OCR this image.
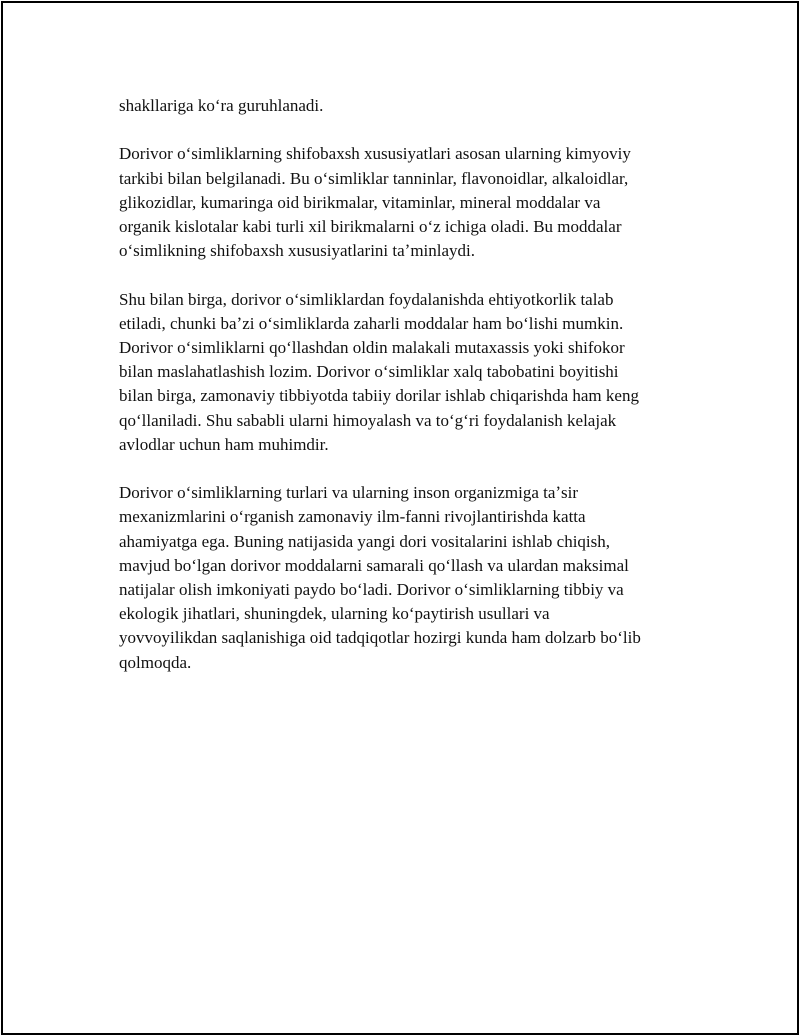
shakllariga koʻra guruhlanadi.

Dorivor oʻsimliklarning shifobaxsh xususiyatlari asosan ularning kimyoviy
tarkibi bilan belgilanadi. Bu oʻsimliklar tanninlar, flavonoidlar, alkaloidlar,
glikozidlar, kumaringa oid birikmalar, vitaminlar, mineral moddalar va
organik kislotalar kabi turli xil birikmalarni oʻz ichiga oladi. Bu moddalar
oʻsimlikning shifobaxsh xususiyatlarini taʼminlaydi.

Shu bilan birga, dorivor oʻsimliklardan foydalanishda ehtiyotkorlik talab
etiladi, chunki baʼzi oʻsimliklarda zaharli moddalar ham boʻlishi mumkin.
Dorivor oʻsimliklarni qoʻllashdan oldin malakali mutaxassis yoki shifokor
bilan maslahatlashish lozim. Dorivor oʻsimliklar xalq tabobatini boyitishi
bilan birga, zamonaviy tibbiyotda tabiiy dorilar ishlab chiqarishda ham keng
qoʻllaniladi. Shu sababli ularni himoyalash va toʻgʻri foydalanish kelajak
avlodlar uchun ham muhimdir.

Dorivor oʻsimliklarning turlari va ularning inson organizmiga taʼsir
mexanizmlarini oʻrganish zamonaviy ilm-fanni rivojlantirishda katta
ahamiyatga ega. Buning natijasida yangi dori vositalarini ishlab chiqish,
mavjud boʻlgan dorivor moddalarni samarali qoʻllash va ulardan maksimal
natijalar olish imkoniyati paydo boʻladi. Dorivor oʻsimliklarning tibbiy va
ekologik jihatlari, shuningdek, ularning koʻpaytirish usullari va
yovvoyilikdan saqlanishiga oid tadqiqotlar hozirgi kunda ham dolzarb boʻlib
qolmoqda.
